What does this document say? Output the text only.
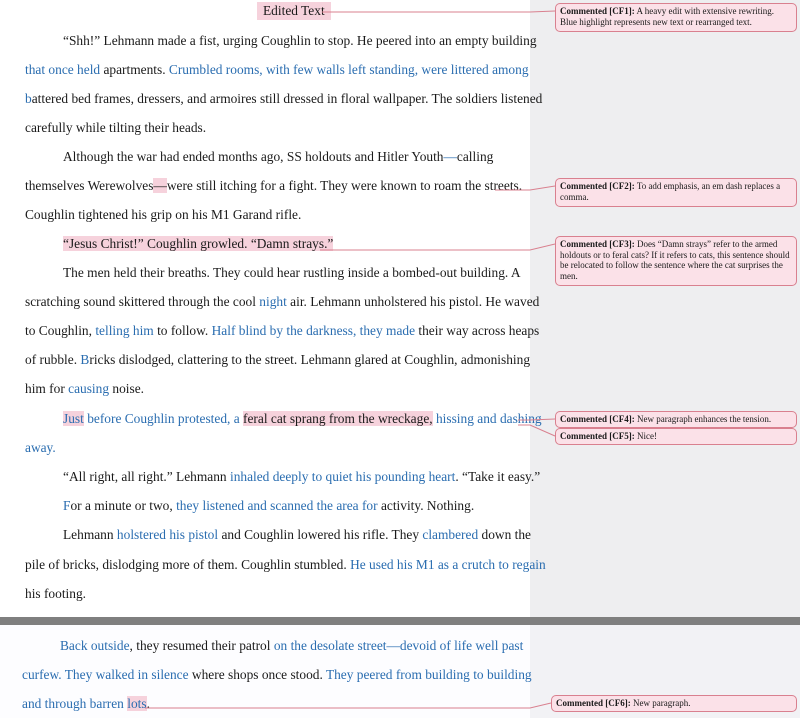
Edited Text
“Shh!” Lehmann made a fist, urging Coughlin to stop. He peered into an empty building
that once held apartments. Crumbled rooms, with few walls left standing, were littered among
battered bed frames, dressers, and armoires still dressed in floral wallpaper. The soldiers listened
carefully while tilting their heads.
Although the war had ended months ago, SS holdouts and Hitler Youth—calling
themselves Werewolves—were still itching for a fight. They were known to roam the streets.
Coughlin tightened his grip on his M1 Garand rifle.
“Jesus Christ!” Coughlin growled. “Damn strays.”
The men held their breaths. They could hear rustling inside a bombed-out building. A
scratching sound skittered through the cool night air. Lehmann unholstered his pistol. He waved
to Coughlin, telling him to follow. Half blind by the darkness, they made their way across heaps
of rubble. Bricks dislodged, clattering to the street. Lehmann glared at Coughlin, admonishing
him for causing noise.
Just before Coughlin protested, a feral cat sprang from the wreckage, hissing and dashing
away.
“All right, all right.” Lehmann inhaled deeply to quiet his pounding heart. “Take it easy.”
For a minute or two, they listened and scanned the area for activity. Nothing.
Lehmann holstered his pistol and Coughlin lowered his rifle. They clambered down the
pile of bricks, dislodging more of them. Coughlin stumbled. He used his M1 as a crutch to regain
his footing.
Back outside, they resumed their patrol on the desolate street—devoid of life well past
curfew. They walked in silence where shops once stood. They peered from building to building
and through barren lots.
Commented [CF1]: A heavy edit with extensive rewriting. Blue highlight represents new text or rearranged text.
Commented [CF2]: To add emphasis, an em dash replaces a comma.
Commented [CF3]: Does “Damn strays” refer to the armed holdouts or to feral cats? If it refers to cats, this sentence should be relocated to follow the sentence where the cat surprises the men.
Commented [CF4]: New paragraph enhances the tension.
Commented [CF5]: Nice!
Commented [CF6]: New paragraph.
